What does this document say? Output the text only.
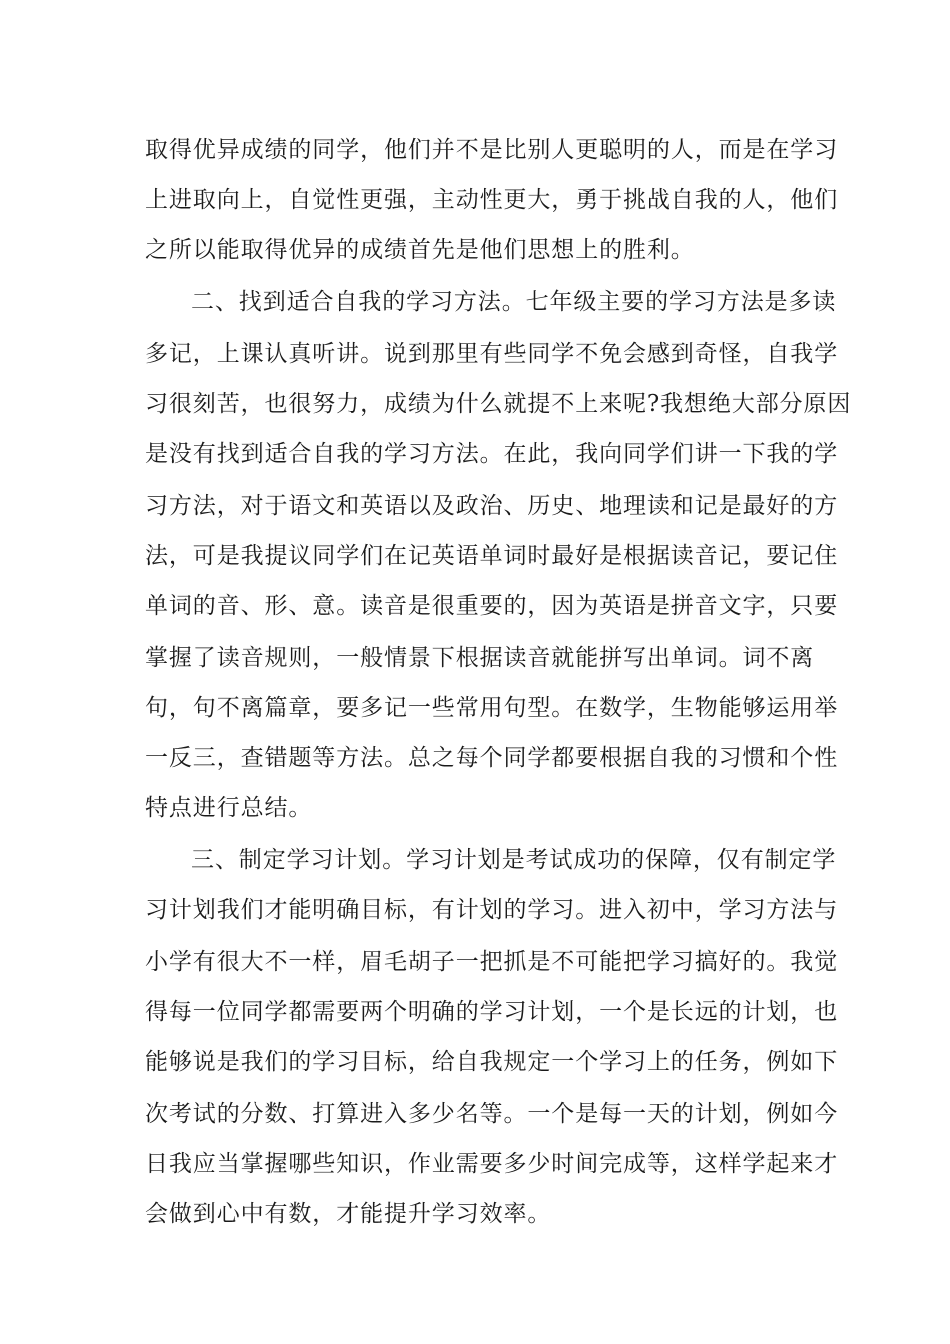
取得优异成绩的同学，他们并不是比别人更聪明的人，而是在学习
上进取向上，自觉性更强，主动性更大，勇于挑战自我的人，他们
之所以能取得优异的成绩首先是他们思想上的胜利。
二、找到适合自我的学习方法。七年级主要的学习方法是多读
多记，上课认真听讲。说到那里有些同学不免会感到奇怪，自我学
习很刻苦，也很努力，成绩为什么就提不上来呢?我想绝大部分原因
是没有找到适合自我的学习方法。在此，我向同学们讲一下我的学
习方法，对于语文和英语以及政治、历史、地理读和记是最好的方
法，可是我提议同学们在记英语单词时最好是根据读音记，要记住
单词的音、形、意。读音是很重要的，因为英语是拼音文字，只要
掌握了读音规则，一般情景下根据读音就能拼写出单词。词不离
句，句不离篇章，要多记一些常用句型。在数学，生物能够运用举
一反三，查错题等方法。总之每个同学都要根据自我的习惯和个性
特点进行总结。
三、制定学习计划。学习计划是考试成功的保障，仅有制定学
习计划我们才能明确目标，有计划的学习。进入初中，学习方法与
小学有很大不一样，眉毛胡子一把抓是不可能把学习搞好的。我觉
得每一位同学都需要两个明确的学习计划，一个是长远的计划，也
能够说是我们的学习目标，给自我规定一个学习上的任务，例如下
次考试的分数、打算进入多少名等。一个是每一天的计划，例如今
日我应当掌握哪些知识，作业需要多少时间完成等，这样学起来才
会做到心中有数，才能提升学习效率。
